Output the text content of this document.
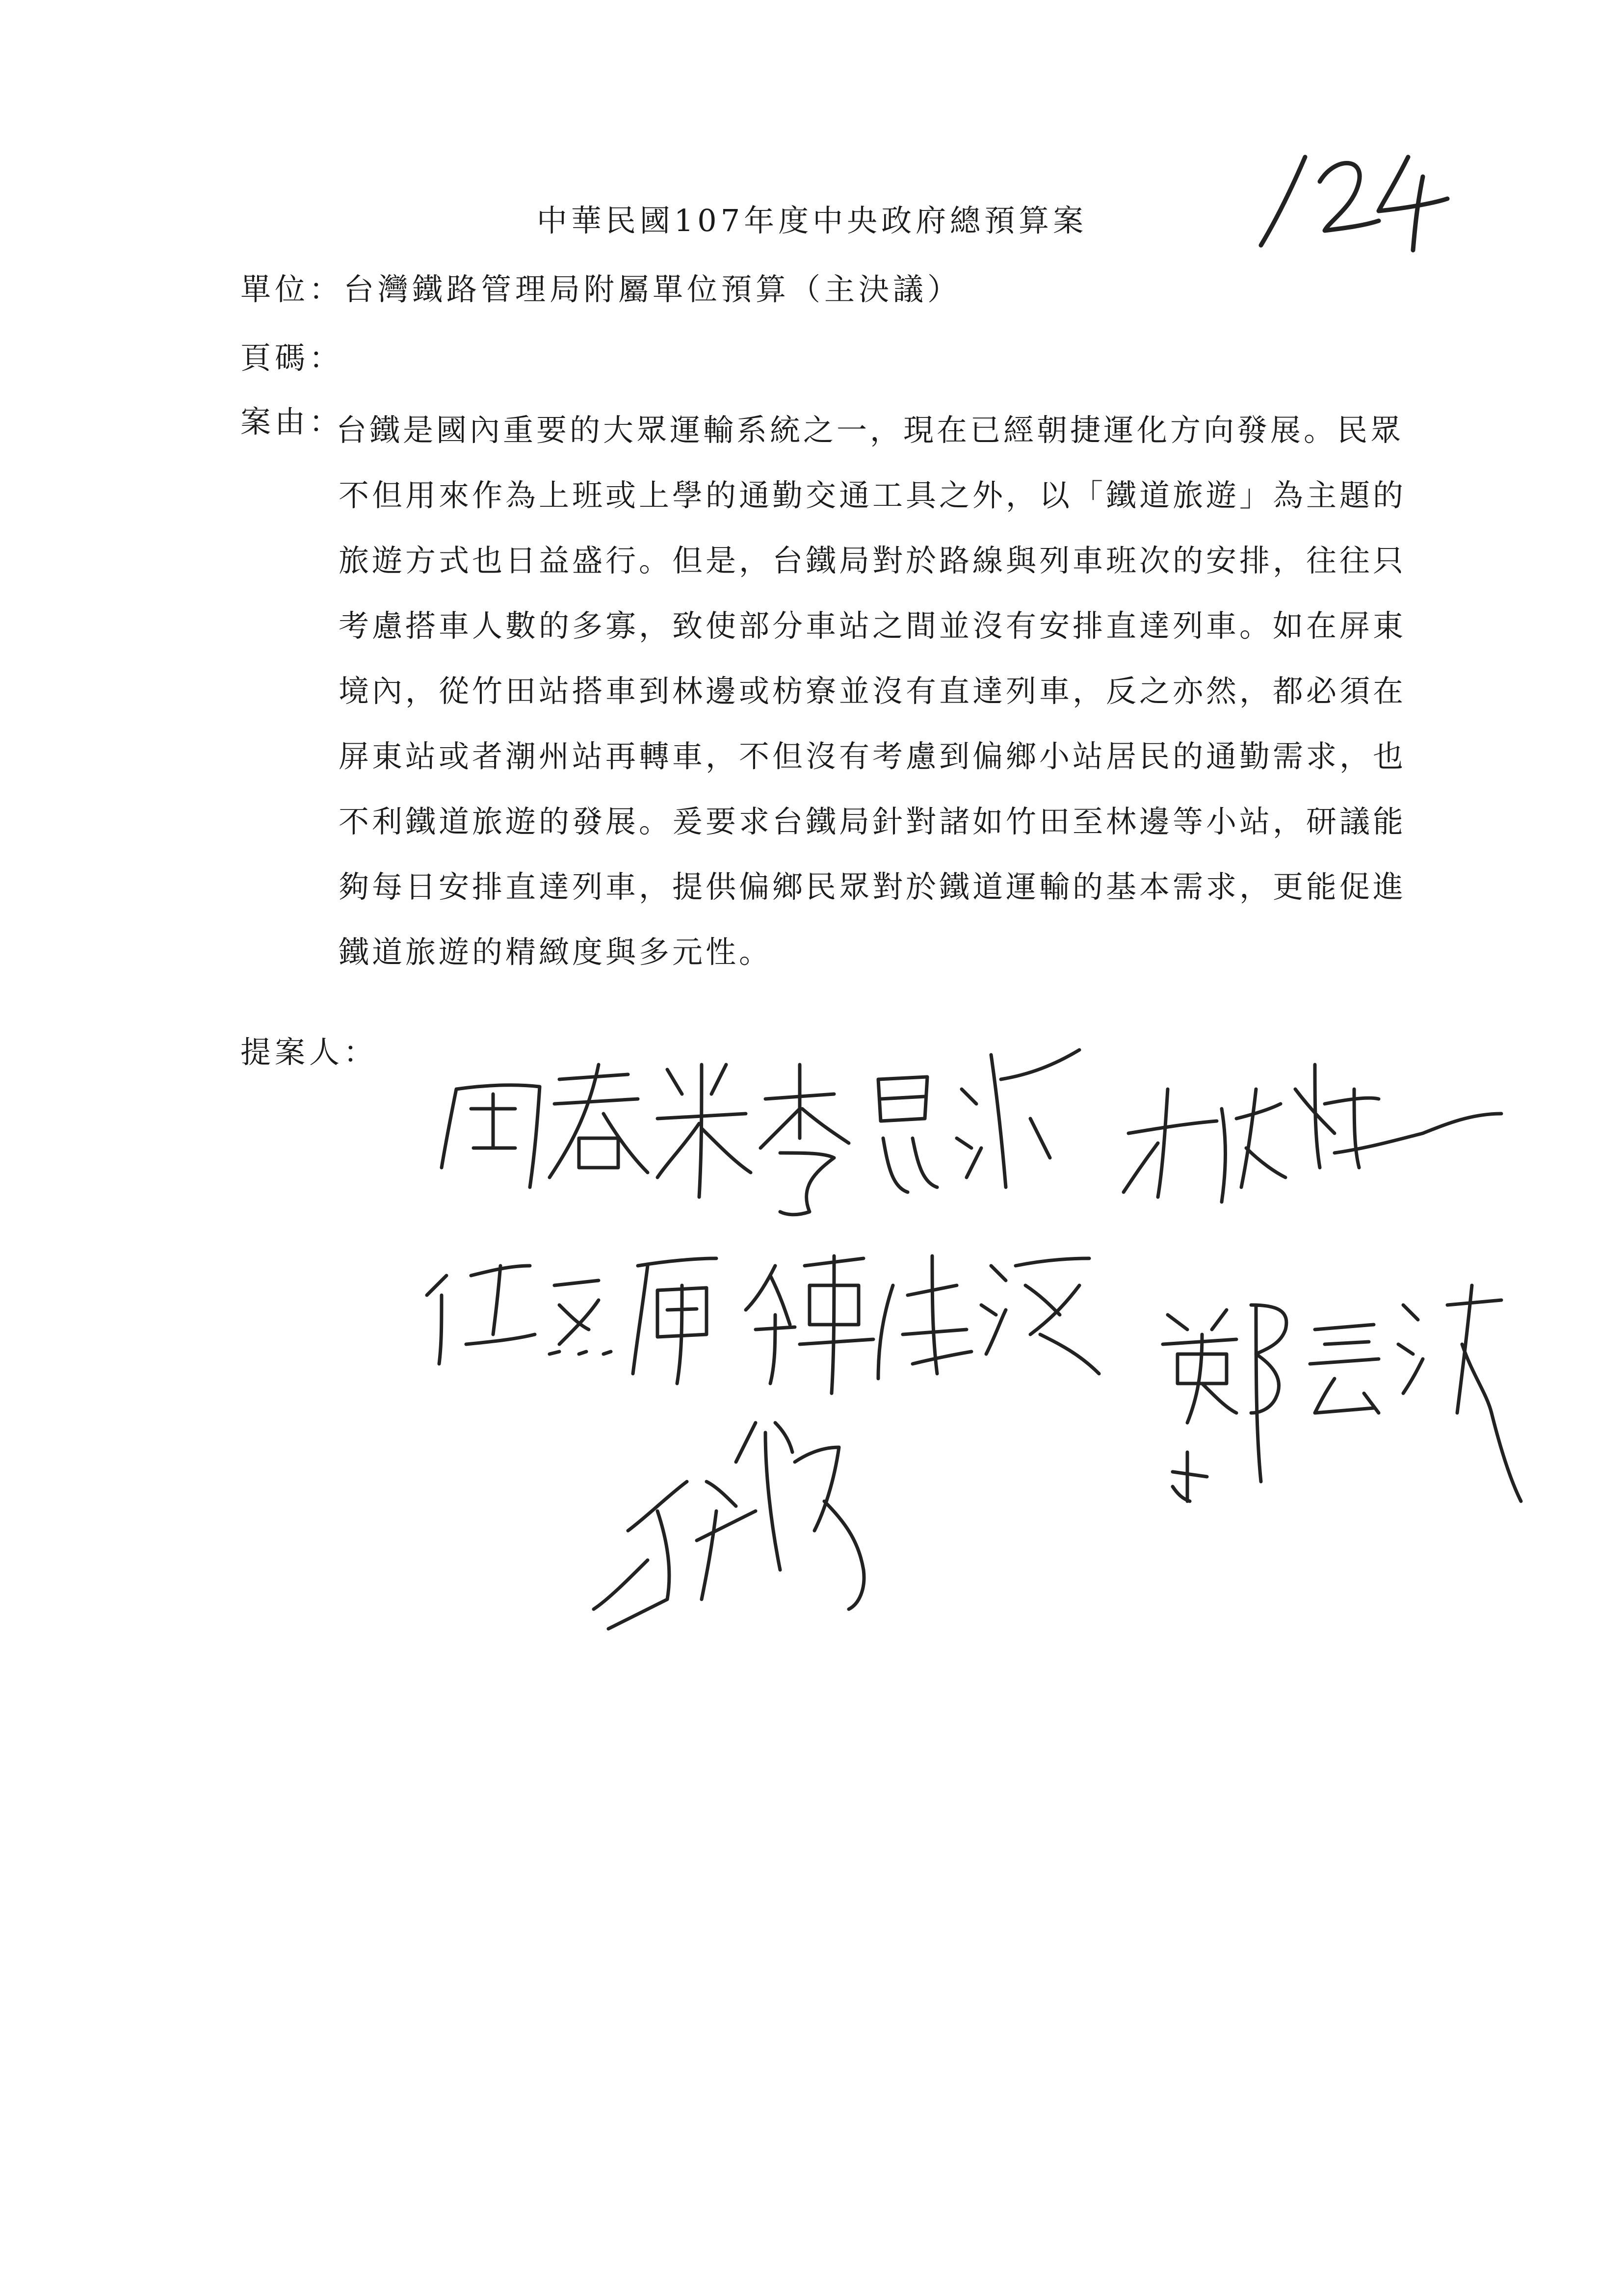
中華民國107年度中央政府總預算案
單位：台灣鐵路管理局附屬單位預算（主決議）
頁碼：
案由：
台鐵是國內重要的大眾運輸系統之一，現在已經朝捷運化方向發展。民眾
不但用來作為上班或上學的通勤交通工具之外，以「鐵道旅遊」為主題的
旅遊方式也日益盛行。但是，台鐵局對於路線與列車班次的安排，往往只
考慮搭車人數的多寡，致使部分車站之間並沒有安排直達列車。如在屏東
境內，從竹田站搭車到林邊或枋寮並沒有直達列車，反之亦然，都必須在
屏東站或者潮州站再轉車，不但沒有考慮到偏鄉小站居民的通勤需求，也
不利鐵道旅遊的發展。爰要求台鐵局針對諸如竹田至林邊等小站，研議能
夠每日安排直達列車，提供偏鄉民眾對於鐵道運輸的基本需求，更能促進
鐵道旅遊的精緻度與多元性。
提案人：
